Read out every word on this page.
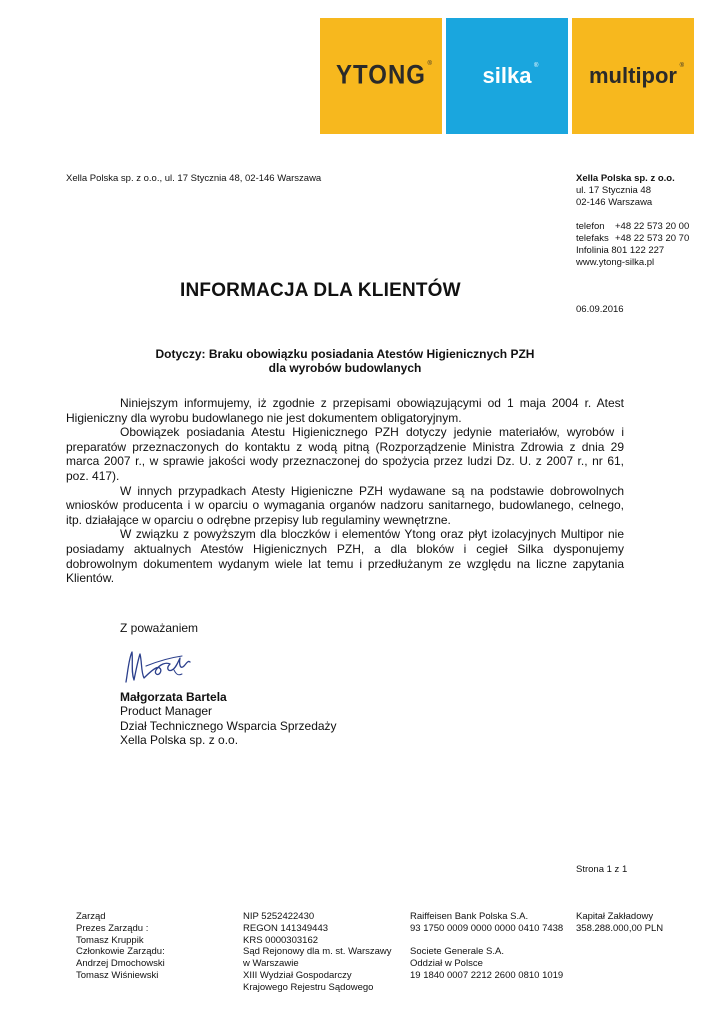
YTONG ® silka ® multipor ®
Xella Polska sp. z o.o., ul. 17 Stycznia 48, 02-146 Warszawa	Xella Polska sp. z o.o.
ul. 17 Stycznia 48
02-146 Warszawa
telefon	+48 22 573 20 00
telefaks +48 22 573 20 70
Infolinia 801 122 227
www.ytong-silka.pl
INFORMACJA DLA KLIENTÓW
06.09.2016
Dotyczy: Braku obowiązku posiadania Atestów Higienicznych PZH
dla wyrobów budowlanych

Niniejszym informujemy, iż zgodnie z przepisami obowiązującymi od 1 maja 2004 r. Atest Higieniczny dla wyrobu budowlanego nie jest dokumentem obligatoryjnym.

Obowiązek posiadania Atestu Higienicznego PZH dotyczy jedynie materiałów, wyrobów i preparatów przeznaczonych do kontaktu z wodą pitną (Rozporządzenie Ministra Zdrowia z dnia 29 marca 2007 r., w sprawie jakości wody przeznaczonej do spożycia przez ludzi Dz. U. z 2007 r., nr 61, poz. 417).

W innych przypadkach Atesty Higieniczne PZH wydawane są na podstawie dobrowolnych wniosków producenta i w oparciu o wymagania organów nadzoru sanitarnego, budowlanego, celnego, itp. działające w oparciu o odrębne przepisy lub regulaminy wewnętrzne.

W związku z powyższym dla bloczków i elementów Ytong oraz płyt izolacyjnych Multipor nie posiadamy aktualnych Atestów Higienicznych PZH, a dla bloków i cegieł Silka dysponujemy dobrowolnym dokumentem wydanym wiele lat temu i przedłużanym ze względu na liczne zapytania Klientów.

Z poważaniem
Małgorzata Bartela
Product Manager
Dział Technicznego Wsparcia Sprzedaży
Xella Polska sp. z o.o.
Strona 1 z 1
Zarząd
Prezes Zarządu :
Tomasz Kruppik
Członkowie Zarządu:
Andrzej Dmochowski
Tomasz Wiśniewski
NIP 5252422430
REGON 141349443
KRS 0000303162
Sąd Rejonowy dla m. st. Warszawy
w Warszawie
XIII Wydział Gospodarczy
Krajowego Rejestru Sądowego
Raiffeisen Bank Polska S.A.
93 1750 0009 0000 0000 0410 7438
Societe Generale S.A.
Oddział w Polsce
19 1840 0007 2212 2600 0810 1019
Kapitał Zakładowy
358.288.000,00 PLN
